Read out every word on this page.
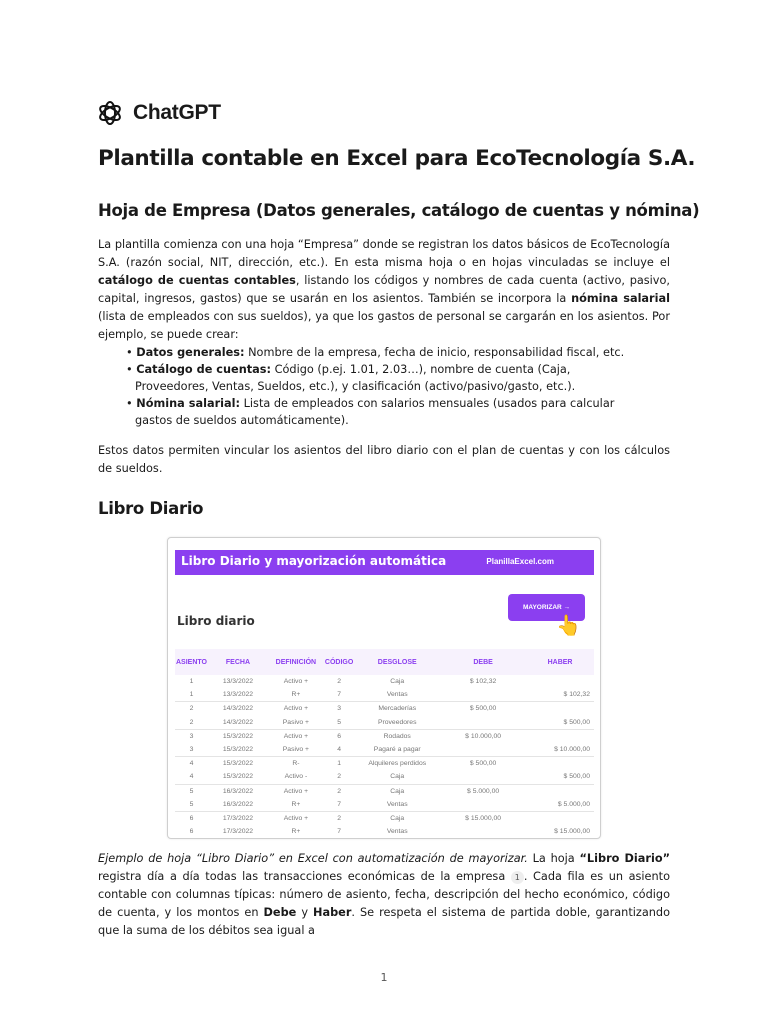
ChatGPT
Plantilla contable en Excel para EcoTecnología S.A.
Hoja de Empresa (Datos generales, catálogo de cuentas y nómina)

La plantilla comienza con una hoja “Empresa” donde se registran los datos básicos de EcoTecnología S.A. (razón social, NIT, dirección, etc.). En esta misma hoja o en hojas vinculadas se incluye el catálogo de cuentas contables, listando los códigos y nombres de cada cuenta (activo, pasivo, capital, ingresos, gastos) que se usarán en los asientos. También se incorpora la nómina salarial (lista de empleados con sus sueldos), ya que los gastos de personal se cargarán en los asientos. Por ejemplo, se puede crear:

• Datos generales: Nombre de la empresa, fecha de inicio, responsabilidad fiscal, etc.
• Catálogo de cuentas: Código (p.ej. 1.01, 2.03…), nombre de cuenta (Caja, Proveedores, Ventas, Sueldos, etc.), y clasificación (activo/pasivo/gasto, etc.).
• Nómina salarial: Lista de empleados con salarios mensuales (usados para calcular gastos de sueldos automáticamente).

Estos datos permiten vincular los asientos del libro diario con el plan de cuentas y con los cálculos de sueldos.

Libro Diario
Libro Diario y mayorización automática	PlanillaExcel.com
MAYORIZAR →
👆
Libro diario
ASIENTO	FECHA	DEFINICIÓN	CÓDIGO	DESGLOSE	DEBE	HABER
1	13/3/2022	Activo +	2	Caja	$ 102,32	
1	13/3/2022	R+	7	Ventas		$ 102,32
2	14/3/2022	Activo +	3	Mercaderías	$ 500,00	
2	14/3/2022	Pasivo +	5	Proveedores		$ 500,00
3	15/3/2022	Activo +	6	Rodados	$ 10.000,00	
3	15/3/2022	Pasivo +	4	Pagaré a pagar		$ 10.000,00
4	15/3/2022	R-	1	Alquileres perdidos	$ 500,00	
4	15/3/2022	Activo -	2	Caja		$ 500,00
5	16/3/2022	Activo +	2	Caja	$ 5.000,00	
5	16/3/2022	R+	7	Ventas		$ 5.000,00
6	17/3/2022	Activo +	2	Caja	$ 15.000,00	
6	17/3/2022	R+	7	Ventas		$ 15.000,00

Ejemplo de hoja “Libro Diario” en Excel con automatización de mayorizar. La hoja “Libro Diario” registra día a día todas las transacciones económicas de la empresa 1 . Cada fila es un asiento contable con columnas típicas: número de asiento, fecha, descripción del hecho económico, código de cuenta, y los montos en Debe y Haber. Se respeta el sistema de partida doble, garantizando que la suma de los débitos sea igual a

1
